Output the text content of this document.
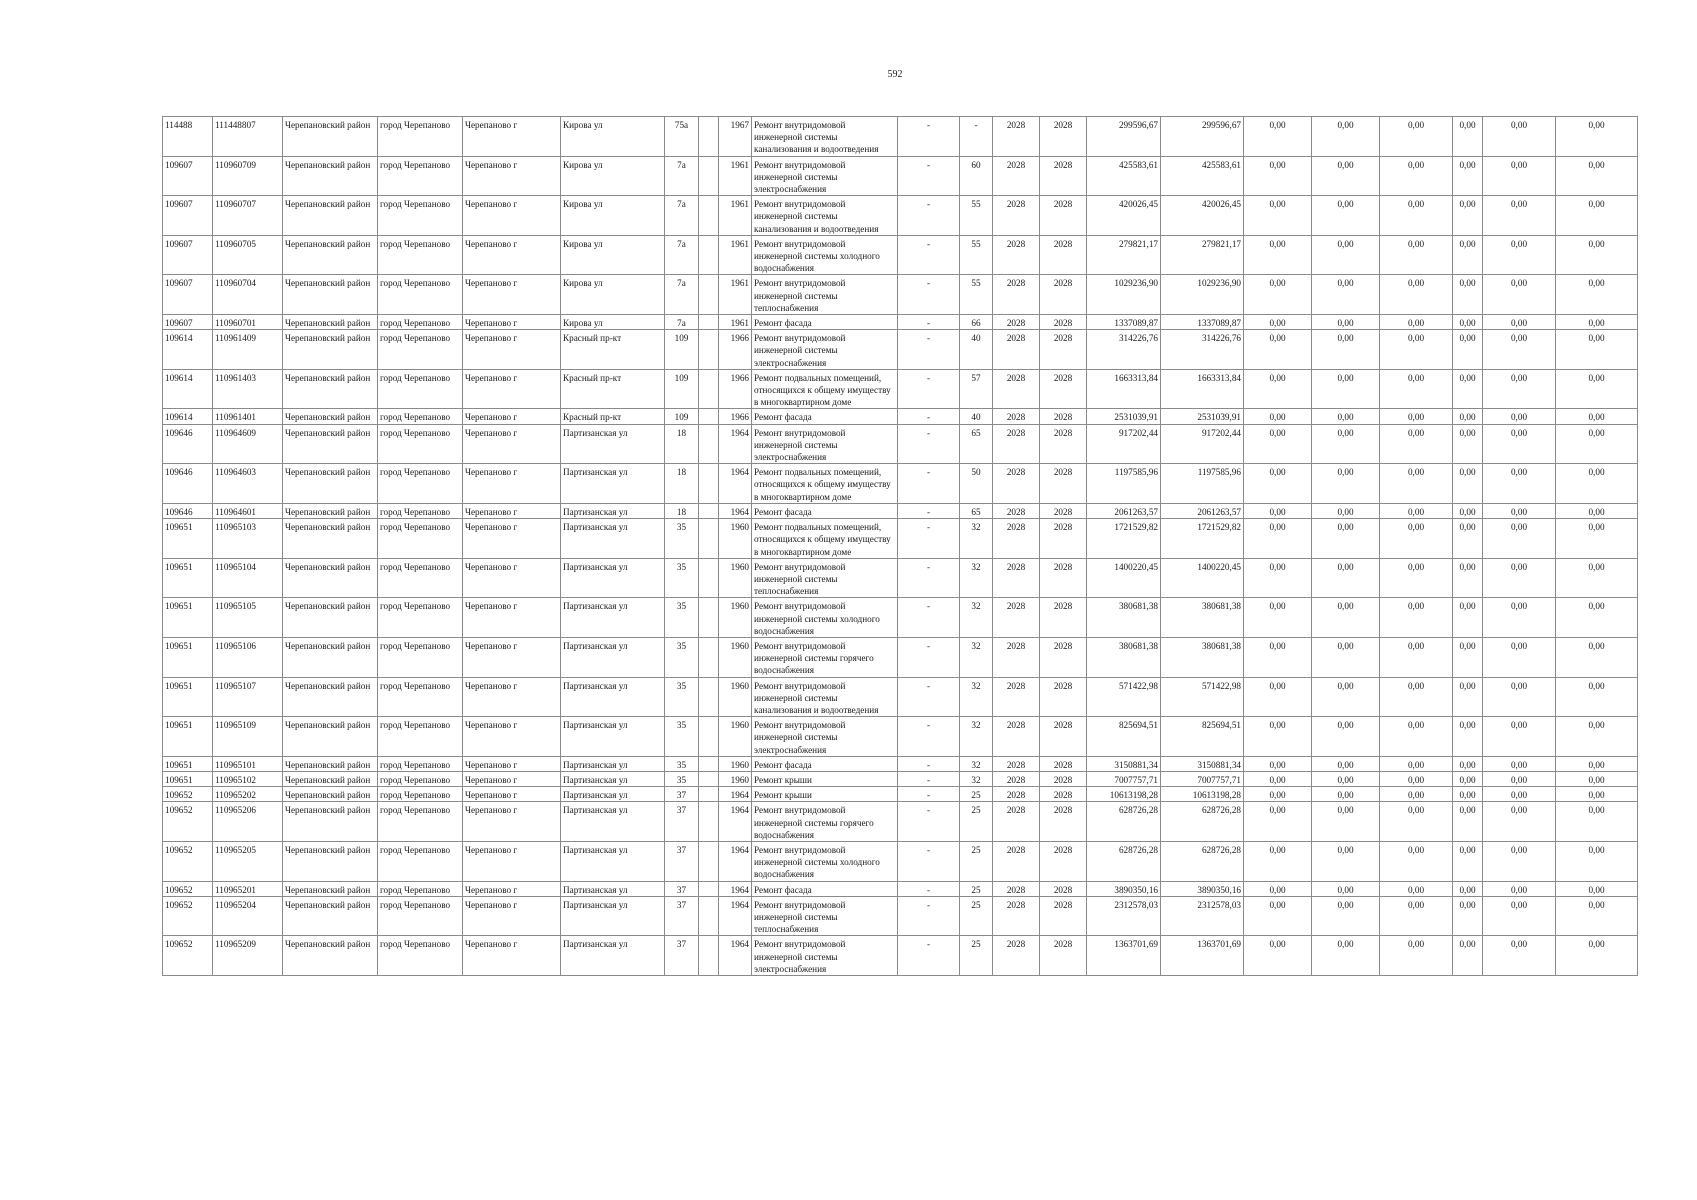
592
114488	111448807	Черепановский район	город Черепаново	Черепаново г	Кирова ул	75а		1967	Ремонт внутридомовой инженерной системы канализования и водоотведения	-	-	2028	2028	299596,67	299596,67	0,00	0,00	0,00	0,00	0,00	0,00
109607	110960709	Черепановский район	город Черепаново	Черепаново г	Кирова ул	7а		1961	Ремонт внутридомовой инженерной системы электроснабжения	-	60	2028	2028	425583,61	425583,61	0,00	0,00	0,00	0,00	0,00	0,00
109607	110960707	Черепановский район	город Черепаново	Черепаново г	Кирова ул	7а		1961	Ремонт внутридомовой инженерной системы канализования и водоотведения	-	55	2028	2028	420026,45	420026,45	0,00	0,00	0,00	0,00	0,00	0,00
109607	110960705	Черепановский район	город Черепаново	Черепаново г	Кирова ул	7а		1961	Ремонт внутридомовой инженерной системы холодного водоснабжения	-	55	2028	2028	279821,17	279821,17	0,00	0,00	0,00	0,00	0,00	0,00
109607	110960704	Черепановский район	город Черепаново	Черепаново г	Кирова ул	7а		1961	Ремонт внутридомовой инженерной системы теплоснабжения	-	55	2028	2028	1029236,90	1029236,90	0,00	0,00	0,00	0,00	0,00	0,00
109607	110960701	Черепановский район	город Черепаново	Черепаново г	Кирова ул	7а		1961	Ремонт фасада	-	66	2028	2028	1337089,87	1337089,87	0,00	0,00	0,00	0,00	0,00	0,00
109614	110961409	Черепановский район	город Черепаново	Черепаново г	Красный пр-кт	109		1966	Ремонт внутридомовой инженерной системы электроснабжения	-	40	2028	2028	314226,76	314226,76	0,00	0,00	0,00	0,00	0,00	0,00
109614	110961403	Черепановский район	город Черепаново	Черепаново г	Красный пр-кт	109		1966	Ремонт подвальных помещений, относящихся к общему имуществу в многоквартирном доме	-	57	2028	2028	1663313,84	1663313,84	0,00	0,00	0,00	0,00	0,00	0,00
109614	110961401	Черепановский район	город Черепаново	Черепаново г	Красный пр-кт	109		1966	Ремонт фасада	-	40	2028	2028	2531039,91	2531039,91	0,00	0,00	0,00	0,00	0,00	0,00
109646	110964609	Черепановский район	город Черепаново	Черепаново г	Партизанская ул	18		1964	Ремонт внутридомовой инженерной системы электроснабжения	-	65	2028	2028	917202,44	917202,44	0,00	0,00	0,00	0,00	0,00	0,00
109646	110964603	Черепановский район	город Черепаново	Черепаново г	Партизанская ул	18		1964	Ремонт подвальных помещений, относящихся к общему имуществу в многоквартирном доме	-	50	2028	2028	1197585,96	1197585,96	0,00	0,00	0,00	0,00	0,00	0,00
109646	110964601	Черепановский район	город Черепаново	Черепаново г	Партизанская ул	18		1964	Ремонт фасада	-	65	2028	2028	2061263,57	2061263,57	0,00	0,00	0,00	0,00	0,00	0,00
109651	110965103	Черепановский район	город Черепаново	Черепаново г	Партизанская ул	35		1960	Ремонт подвальных помещений, относящихся к общему имуществу в многоквартирном доме	-	32	2028	2028	1721529,82	1721529,82	0,00	0,00	0,00	0,00	0,00	0,00
109651	110965104	Черепановский район	город Черепаново	Черепаново г	Партизанская ул	35		1960	Ремонт внутридомовой инженерной системы теплоснабжения	-	32	2028	2028	1400220,45	1400220,45	0,00	0,00	0,00	0,00	0,00	0,00
109651	110965105	Черепановский район	город Черепаново	Черепаново г	Партизанская ул	35		1960	Ремонт внутридомовой инженерной системы холодного водоснабжения	-	32	2028	2028	380681,38	380681,38	0,00	0,00	0,00	0,00	0,00	0,00
109651	110965106	Черепановский район	город Черепаново	Черепаново г	Партизанская ул	35		1960	Ремонт внутридомовой инженерной системы горячего водоснабжения	-	32	2028	2028	380681,38	380681,38	0,00	0,00	0,00	0,00	0,00	0,00
109651	110965107	Черепановский район	город Черепаново	Черепаново г	Партизанская ул	35		1960	Ремонт внутридомовой инженерной системы канализования и водоотведения	-	32	2028	2028	571422,98	571422,98	0,00	0,00	0,00	0,00	0,00	0,00
109651	110965109	Черепановский район	город Черепаново	Черепаново г	Партизанская ул	35		1960	Ремонт внутридомовой инженерной системы электроснабжения	-	32	2028	2028	825694,51	825694,51	0,00	0,00	0,00	0,00	0,00	0,00
109651	110965101	Черепановский район	город Черепаново	Черепаново г	Партизанская ул	35		1960	Ремонт фасада	-	32	2028	2028	3150881,34	3150881,34	0,00	0,00	0,00	0,00	0,00	0,00
109651	110965102	Черепановский район	город Черепаново	Черепаново г	Партизанская ул	35		1960	Ремонт крыши	-	32	2028	2028	7007757,71	7007757,71	0,00	0,00	0,00	0,00	0,00	0,00
109652	110965202	Черепановский район	город Черепаново	Черепаново г	Партизанская ул	37		1964	Ремонт крыши	-	25	2028	2028	10613198,28	10613198,28	0,00	0,00	0,00	0,00	0,00	0,00
109652	110965206	Черепановский район	город Черепаново	Черепаново г	Партизанская ул	37		1964	Ремонт внутридомовой инженерной системы горячего водоснабжения	-	25	2028	2028	628726,28	628726,28	0,00	0,00	0,00	0,00	0,00	0,00
109652	110965205	Черепановский район	город Черепаново	Черепаново г	Партизанская ул	37		1964	Ремонт внутридомовой инженерной системы холодного водоснабжения	-	25	2028	2028	628726,28	628726,28	0,00	0,00	0,00	0,00	0,00	0,00
109652	110965201	Черепановский район	город Черепаново	Черепаново г	Партизанская ул	37		1964	Ремонт фасада	-	25	2028	2028	3890350,16	3890350,16	0,00	0,00	0,00	0,00	0,00	0,00
109652	110965204	Черепановский район	город Черепаново	Черепаново г	Партизанская ул	37		1964	Ремонт внутридомовой инженерной системы теплоснабжения	-	25	2028	2028	2312578,03	2312578,03	0,00	0,00	0,00	0,00	0,00	0,00
109652	110965209	Черепановский район	город Черепаново	Черепаново г	Партизанская ул	37		1964	Ремонт внутридомовой инженерной системы электроснабжения	-	25	2028	2028	1363701,69	1363701,69	0,00	0,00	0,00	0,00	0,00	0,00
